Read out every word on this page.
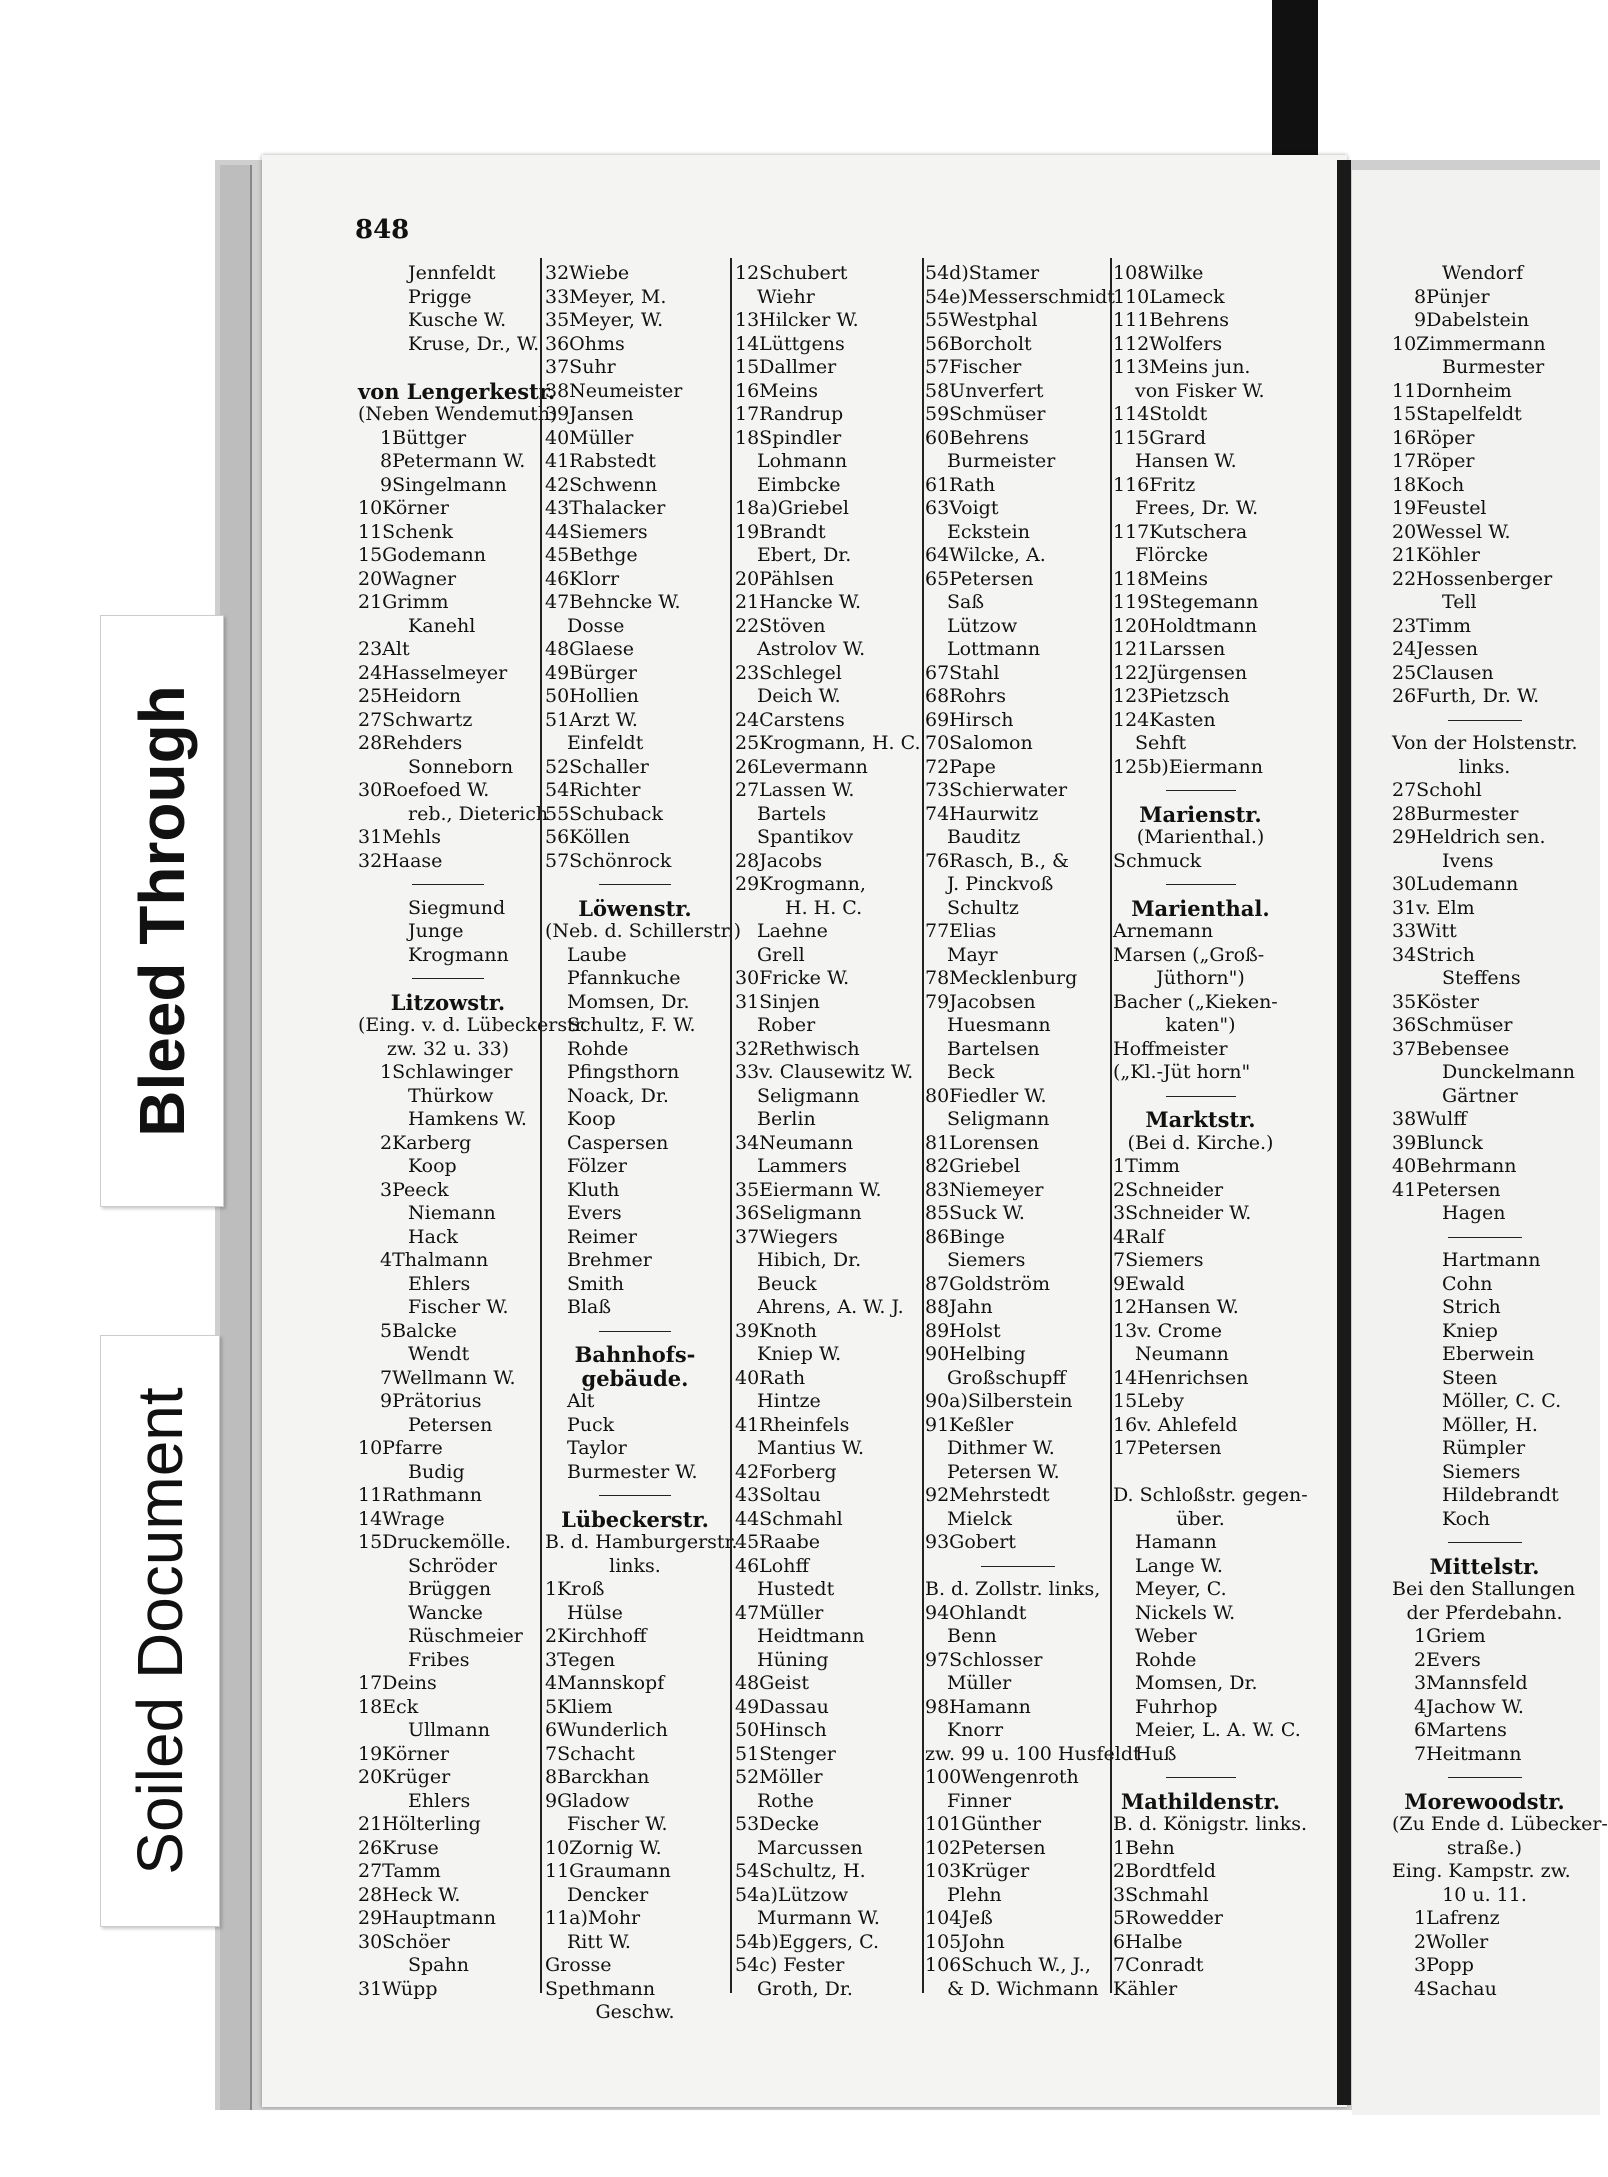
848
Jennfeldt
Prigge
Kusche W.
Kruse, Dr., W.
von Lengerkestr.
(Neben Wendemuth)
1Büttger
8Petermann W.
9Singelmann
10Körner
11Schenk
15Godemann
20Wagner
21Grimm
Kanehl
23Alt
24Hasselmeyer
25Heidorn
27Schwartz
28Rehders
Sonneborn
30Roefoed W.
reb., Dieterich
31Mehls
32Haase
Siegmund
Junge
Krogmann
Litzowstr.
(Eing. v. d. Lübeckerstr.
zw. 32 u. 33)
1Schlawinger
Thürkow
Hamkens W.
2Karberg
Koop
3Peeck
Niemann
Hack
4Thalmann
Ehlers
Fischer W.
5Balcke
Wendt
7Wellmann W.
9Prätorius
Petersen
10Pfarre
Budig
11Rathmann
14Wrage
15Druckemölle.
Schröder
Brüggen
Wancke
Rüschmeier
Fribes
17Deins
18Eck
Ullmann
19Körner
20Krüger
Ehlers
21Hölterling
26Kruse
27Tamm
28Heck W.
29Hauptmann
30Schöer
Spahn
31Wüpp
32Wiebe
33Meyer, M.
35Meyer, W.
36Ohms
37Suhr
38Neumeister
39Jansen
40Müller
41Rabstedt
42Schwenn
43Thalacker
44Siemers
45Bethge
46Klorr
47Behncke W.
Dosse
48Glaese
49Bürger
50Hollien
51Arzt W.
Einfeldt
52Schaller
54Richter
55Schuback
56Köllen
57Schönrock
Löwenstr.
(Neb. d. Schillerstr.)
Laube
Pfannkuche
Momsen, Dr.
Schultz, F. W.
Rohde
Pfingsthorn
Noack, Dr.
Koop
Caspersen
Fölzer
Kluth
Evers
Reimer
Brehmer
Smith
Blaß
Bahnhofs-
gebäude.
Alt
Puck
Taylor
Burmester W.
Lübeckerstr.
B. d. Hamburgerstr.
links.
1Kroß
Hülse
2Kirchhoff
3Tegen
4Mannskopf
5Kliem
6Wunderlich
7Schacht
8Barckhan
9Gladow
Fischer W.
10Zornig W.
11Graumann
Dencker
11a)Mohr
Ritt W.
Grosse
Spethmann
Geschw.
12Schubert
Wiehr
13Hilcker W.
14Lüttgens
15Dallmer
16Meins
17Randrup
18Spindler
Lohmann
Eimbcke
18a)Griebel
19Brandt
Ebert, Dr.
20Pählsen
21Hancke W.
22Stöven
Astrolov W.
23Schlegel
Deich W.
24Carstens
25Krogmann, H. C.
26Levermann
27Lassen W.
Bartels
Spantikov
28Jacobs
29Krogmann,
H. H. C.
Laehne
Grell
30Fricke W.
31Sinjen
Rober
32Rethwisch
33v. Clausewitz W.
Seligmann
Berlin
34Neumann
Lammers
35Eiermann W.
36Seligmann
37Wiegers
Hibich, Dr.
Beuck
Ahrens, A. W. J.
39Knoth
Kniep W.
40Rath
Hintze
41Rheinfels
Mantius W.
42Forberg
43Soltau
44Schmahl
45Raabe
46Lohff
Hustedt
47Müller
Heidtmann
Hüning
48Geist
49Dassau
50Hinsch
51Stenger
52Möller
Rothe
53Decke
Marcussen
54Schultz, H.
54a)Lützow
Murmann W.
54b)Eggers, C.
54c) Fester
Groth, Dr.
54d)Stamer
54e)Messerschmidt
55Westphal
56Borcholt
57Fischer
58Unverfert
59Schmüser
60Behrens
Burmeister
61Rath
63Voigt
Eckstein
64Wilcke, A.
65Petersen
Saß
Lützow
Lottmann
67Stahl
68Rohrs
69Hirsch
70Salomon
72Pape
73Schierwater
74Haurwitz
Bauditz
76Rasch, B., &
J. Pinckvoß
Schultz
77Elias
Mayr
78Mecklenburg
79Jacobsen
Huesmann
Bartelsen
Beck
80Fiedler W.
Seligmann
81Lorensen
82Griebel
83Niemeyer
85Suck W.
86Binge
Siemers
87Goldström
88Jahn
89Holst
90Helbing
Großschupff
90a)Silberstein
91Keßler
Dithmer W.
Petersen W.
92Mehrstedt
Mielck
93Gobert
B. d. Zollstr. links,
94Ohlandt
Benn
97Schlosser
Müller
98Hamann
Knorr
zw. 99 u. 100 Husfeldt
100Wengenroth
Finner
101Günther
102Petersen
103Krüger
Plehn
104Jeß
105John
106Schuch W., J.,
& D. Wichmann
108Wilke
110Lameck
111Behrens
112Wolfers
113Meins jun.
von Fisker W.
114Stoldt
115Grard
Hansen W.
116Fritz
Frees, Dr. W.
117Kutschera
Flörcke
118Meins
119Stegemann
120Holdtmann
121Larssen
122Jürgensen
123Pietzsch
124Kasten
Sehft
125b)Eiermann
Marienstr.
(Marienthal.)
Schmuck
Marienthal.
Arnemann
Marsen („Groß-
Jüthorn")
Bacher („Kieken-
katen")
Hoffmeister
(„Kl.-Jüt horn"
Marktstr.
(Bei d. Kirche.)
1Timm
2Schneider
3Schneider W.
4Ralf
7Siemers
9Ewald
12Hansen W.
13v. Crome
Neumann
14Henrichsen
15Leby
16v. Ahlefeld
17Petersen
D. Schloßstr. gegen-
über.
Hamann
Lange W.
Meyer, C.
Nickels W.
Weber
Rohde
Momsen, Dr.
Fuhrhop
Meier, L. A. W. C.
Huß
Mathildenstr.
B. d. Königstr. links.
1Behn
2Bordtfeld
3Schmahl
5Rowedder
6Halbe
7Conradt
Kähler
Wendorf
8Pünjer
9Dabelstein
10Zimmermann
Burmester
11Dornheim
15Stapelfeldt
16Röper
17Röper
18Koch
19Feustel
20Wessel W.
21Köhler
22Hossenberger
Tell
23Timm
24Jessen
25Clausen
26Furth, Dr. W.
Von der Holstenstr.
links.
27Schohl
28Burmester
29Heldrich sen.
Ivens
30Ludemann
31v. Elm
33Witt
34Strich
Steffens
35Köster
36Schmüser
37Bebensee
Dunckelmann
Gärtner
38Wulff
39Blunck
40Behrmann
41Petersen
Hagen
Hartmann
Cohn
Strich
Kniep
Eberwein
Steen
Möller, C. C.
Möller, H.
Rümpler
Siemers
Hildebrandt
Koch
Mittelstr.
Bei den Stallungen
der Pferdebahn.
1Griem
2Evers
3Mannsfeld
4Jachow W.
6Martens
7Heitmann
Morewoodstr.
(Zu Ende d. Lübecker-
straße.)
Eing. Kampstr. zw.
10 u. 11.
1Lafrenz
2Woller
3Popp
4Sachau
Bleed Through
Soiled Document
